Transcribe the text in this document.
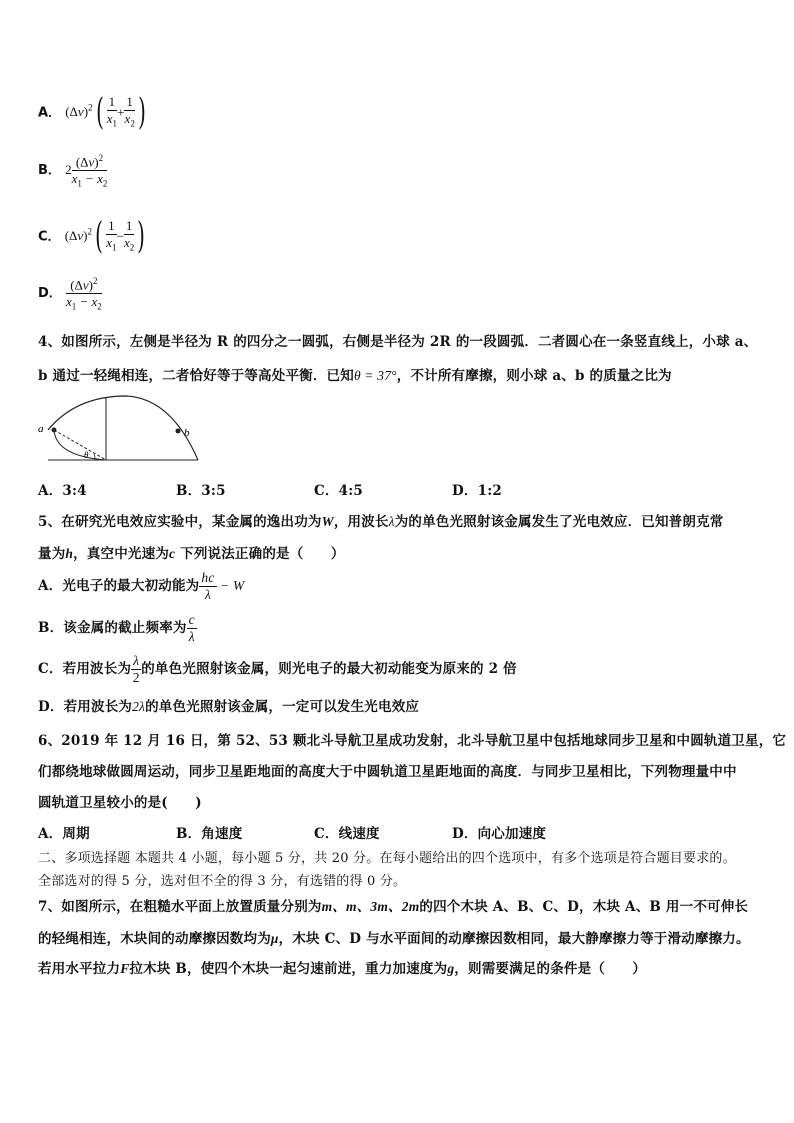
A． $(\Delta v)^2( \frac{1}{x_1} + \frac{1}{x_2}$ )
B． $2 \frac{(\Delta v)^2}{x_1 - x_2}$
C． $(\Delta v)^2( \frac{1}{x_1} - \frac{1}{x_2}$ )
D． $\frac{(\Delta v)^2}{x_1 - x_2}$
4、如图所示，左侧是半径为 R 的四分之一圆弧，右侧是半径为 2R 的一段圆弧．二者圆心在一条竖直线上，小球 a、
b 通过一轻绳相连，二者恰好等于等高处平衡．已知θ = 37°，不计所有摩擦，则小球 a、b 的质量之比为
a	b
θ
A．3:4	B．3:5	C．4:5	D．1:2
5、在研究光电效应实验中，某金属的逸出功为W，用波长λ为的单色光照射该金属发生了光电效应．已知普朗克常
量为h，真空中光速为c 下列说法正确的是（　　）
A．光电子的最大初动能为 $\frac{hc}{\lambda} - W$
B．该金属的截止频率为 $\frac{c}{\lambda}$
C．若用波长为 $\frac{\lambda}{2}$ 的单色光照射该金属，则光电子的最大初动能变为原来的 2 倍
D．若用波长为2λ的单色光照射该金属，一定可以发生光电效应
6、2019 年 12 月 16 日，第 52、53 颗北斗导航卫星成功发射，北斗导航卫星中包括地球同步卫星和中圆轨道卫星，它
们都绕地球做圆周运动，同步卫星距地面的高度大于中圆轨道卫星距地面的高度．与同步卫星相比，下列物理量中中
圆轨道卫星较小的是(　　)
A．周期	B．角速度	C．线速度	D．向心加速度
二、多项选择题 本题共 4 小题，每小题 5 分，共 20 分。在每小题给出的四个选项中，有多个选项是符合题目要求的。
全部选对的得 5 分，选对但不全的得 3 分，有选错的得 0 分。
7、如图所示，在粗糙水平面上放置质量分别为m、m、3m、2m的四个木块 A、B、C、D，木块 A、B 用一不可伸长
的轻绳相连，木块间的动摩擦因数均为μ，木块 C、D 与水平面间的动摩擦因数相同，最大静摩擦力等于滑动摩擦力。
若用水平拉力F拉木块 B，使四个木块一起匀速前进，重力加速度为g，则需要满足的条件是（　　）
